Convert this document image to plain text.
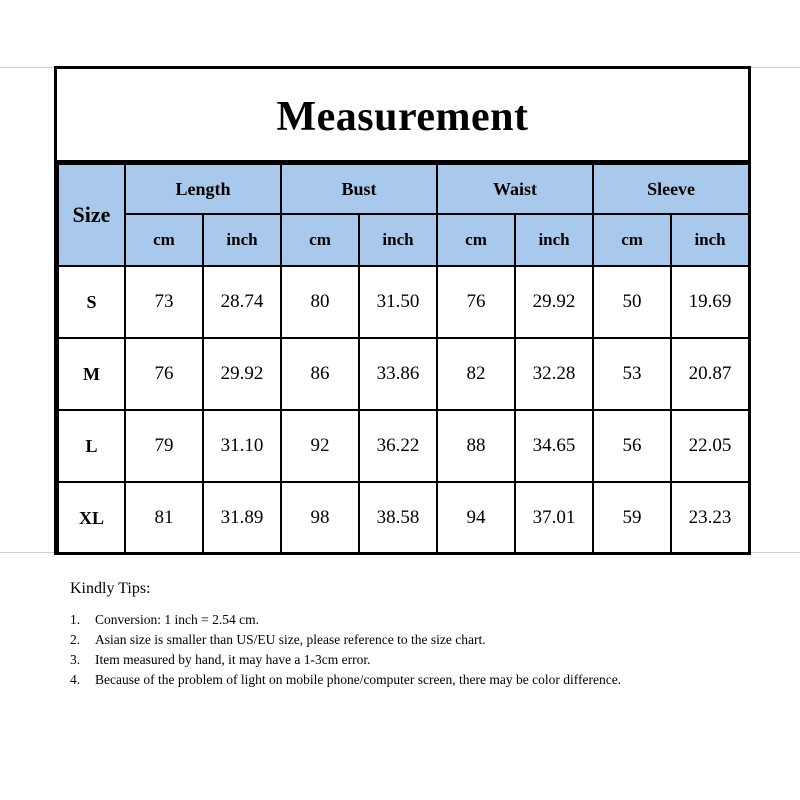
Measurement
Size	Length		Bust		Waist		Sleeve	
	cm	inch	cm	inch	cm	inch	cm	inch
S	73	28.74	80	31.50	76	29.92	50	19.69
M	76	29.92	86	33.86	82	32.28	53	20.87
L	79	31.10	92	36.22	88	34.65	56	22.05
XL	81	31.89	98	38.58	94	37.01	59	23.23
Kindly Tips:
1.	Conversion: 1 inch = 2.54 cm.
2.	Asian size is smaller than US/EU size, please reference to the size chart.
3.	Item measured by hand, it may have a 1-3cm error.
4.	Because of the problem of light on mobile phone/computer screen, there may be color difference.
